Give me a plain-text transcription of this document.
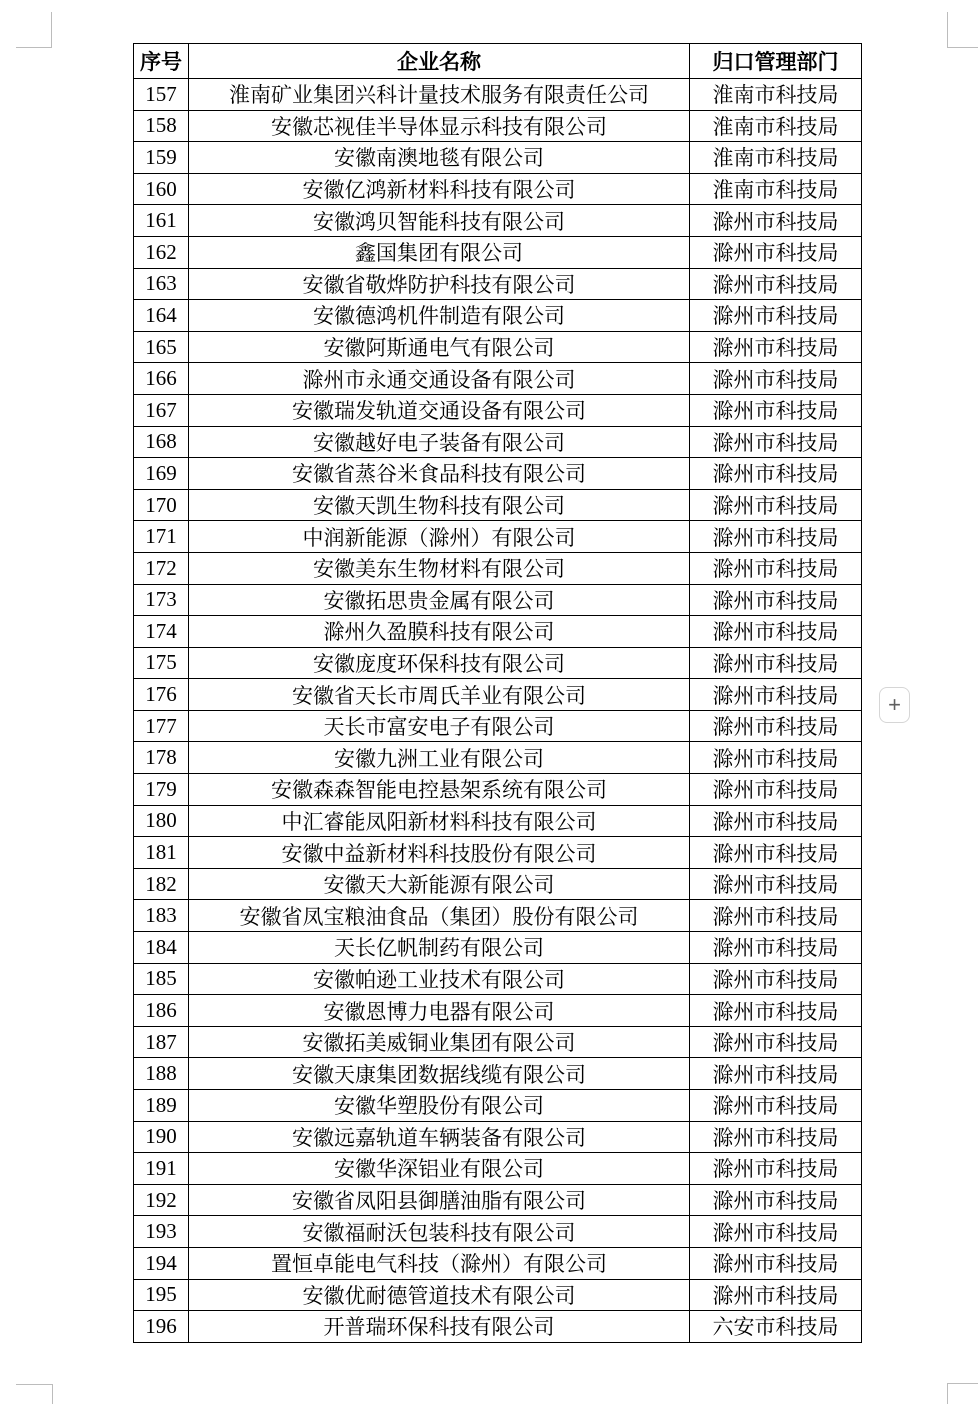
序号	企业名称	归口管理部门
157	淮南矿业集团兴科计量技术服务有限责任公司	淮南市科技局
158	安徽芯视佳半导体显示科技有限公司	淮南市科技局
159	安徽南澳地毯有限公司	淮南市科技局
160	安徽亿鸿新材料科技有限公司	淮南市科技局
161	安徽鸿贝智能科技有限公司	滁州市科技局
162	鑫国集团有限公司	滁州市科技局
163	安徽省敬烨防护科技有限公司	滁州市科技局
164	安徽德鸿机件制造有限公司	滁州市科技局
165	安徽阿斯通电气有限公司	滁州市科技局
166	滁州市永通交通设备有限公司	滁州市科技局
167	安徽瑞发轨道交通设备有限公司	滁州市科技局
168	安徽越好电子装备有限公司	滁州市科技局
169	安徽省蒸谷米食品科技有限公司	滁州市科技局
170	安徽天凯生物科技有限公司	滁州市科技局
171	中润新能源（滁州）有限公司	滁州市科技局
172	安徽美东生物材料有限公司	滁州市科技局
173	安徽拓思贵金属有限公司	滁州市科技局
174	滁州久盈膜科技有限公司	滁州市科技局
175	安徽庞度环保科技有限公司	滁州市科技局
176	安徽省天长市周氏羊业有限公司	滁州市科技局
177	天长市富安电子有限公司	滁州市科技局
178	安徽九洲工业有限公司	滁州市科技局
179	安徽森森智能电控悬架系统有限公司	滁州市科技局
180	中汇睿能凤阳新材料科技有限公司	滁州市科技局
181	安徽中益新材料科技股份有限公司	滁州市科技局
182	安徽天大新能源有限公司	滁州市科技局
183	安徽省凤宝粮油食品（集团）股份有限公司	滁州市科技局
184	天长亿帆制药有限公司	滁州市科技局
185	安徽帕逊工业技术有限公司	滁州市科技局
186	安徽恩博力电器有限公司	滁州市科技局
187	安徽拓美威铜业集团有限公司	滁州市科技局
188	安徽天康集团数据线缆有限公司	滁州市科技局
189	安徽华塑股份有限公司	滁州市科技局
190	安徽远嘉轨道车辆装备有限公司	滁州市科技局
191	安徽华深铝业有限公司	滁州市科技局
192	安徽省凤阳县御膳油脂有限公司	滁州市科技局
193	安徽福耐沃包装科技有限公司	滁州市科技局
194	置恒卓能电气科技（滁州）有限公司	滁州市科技局
195	安徽优耐德管道技术有限公司	滁州市科技局
196	开普瑞环保科技有限公司	六安市科技局
+
